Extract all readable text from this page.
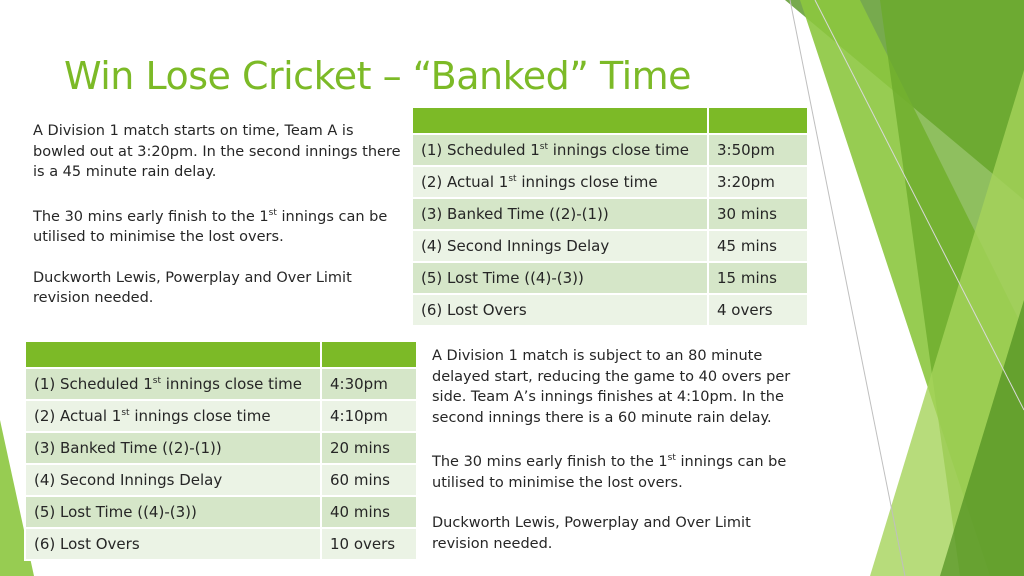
Win Lose Cricket – “Banked” Time

A Division 1 match starts on time, Team A is bowled out at 3:20pm. In the second innings there is a 45 minute rain delay.

The 30 mins early finish to the 1st innings can be utilised to minimise the lost overs.

Duckworth Lewis, Powerplay and Over Limit revision needed.

(1) Scheduled 1st innings close time	3:50pm
(2) Actual 1st innings close time	3:20pm
(3) Banked Time ((2)-(1))	30 mins
(4) Second Innings Delay	45 mins
(5) Lost Time ((4)-(3))	15 mins
(6) Lost Overs	4 overs

(1) Scheduled 1st innings close time	4:30pm
(2) Actual 1st innings close time	4:10pm
(3) Banked Time ((2)-(1))	20 mins
(4) Second Innings Delay	60 mins
(5) Lost Time ((4)-(3))	40 mins
(6) Lost Overs	10 overs

A Division 1 match is subject to an 80 minute delayed start, reducing the game to 40 overs per side. Team A’s innings finishes at 4:10pm. In the second innings there is a 60 minute rain delay.

The 30 mins early finish to the 1st innings can be utilised to minimise the lost overs.

Duckworth Lewis, Powerplay and Over Limit revision needed.
